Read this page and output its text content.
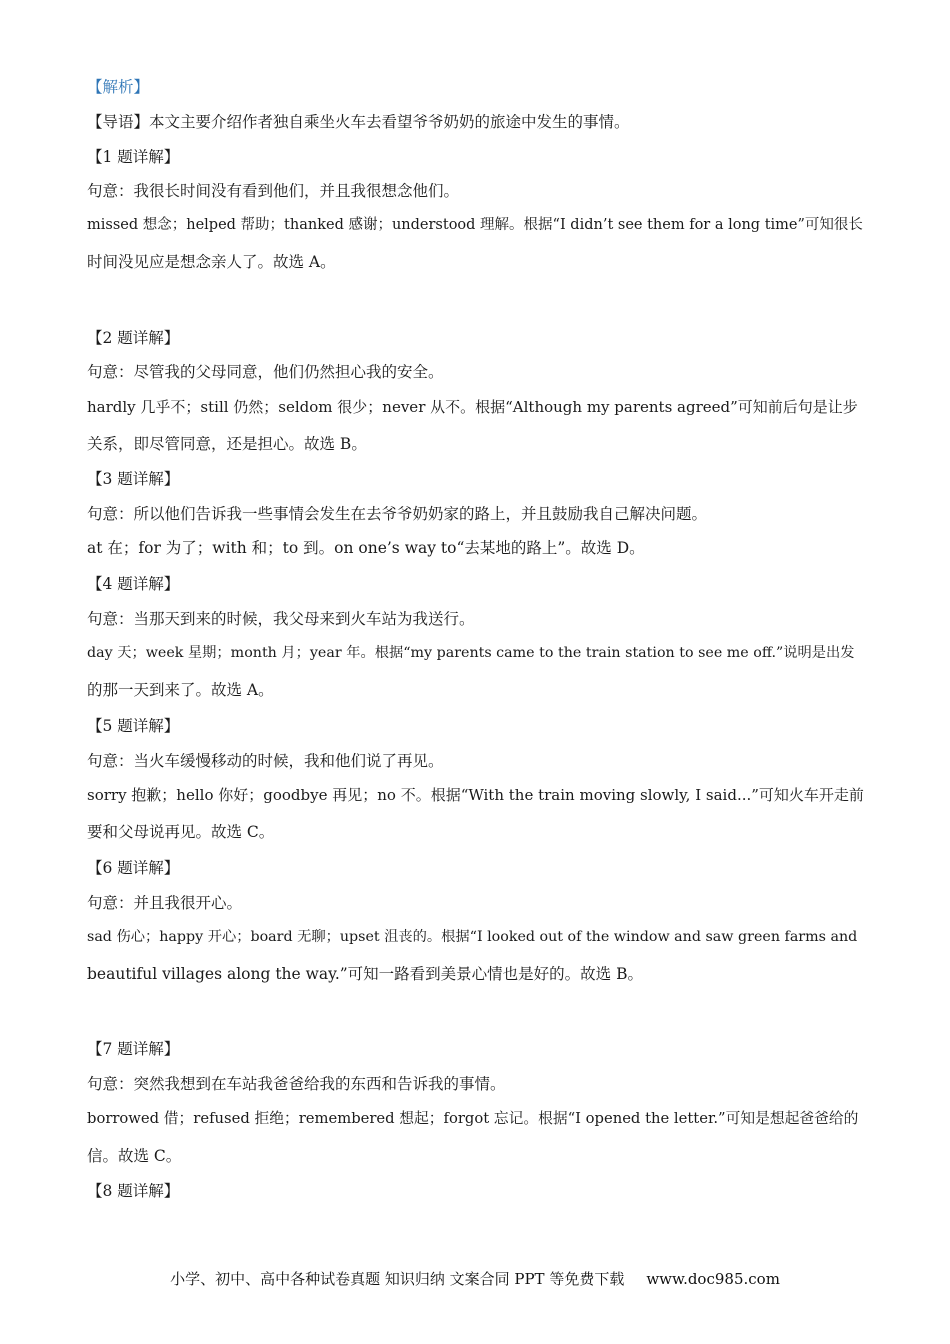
【解析】
【导语】本文主要介绍作者独自乘坐火车去看望爷爷奶奶的旅途中发生的事情。
【1 题详解】
句意：我很长时间没有看到他们，并且我很想念他们。
missed 想念；helped 帮助；thanked 感谢；understood 理解。根据“I didn’t see them for a long time”可知很长
时间没见应是想念亲人了。故选 A。
【2 题详解】
句意：尽管我的父母同意，他们仍然担心我的安全。
hardly 几乎不；still 仍然；seldom 很少；never 从不。根据“Although my parents agreed”可知前后句是让步
关系，即尽管同意，还是担心。故选 B。
【3 题详解】
句意：所以他们告诉我一些事情会发生在去爷爷奶奶家的路上，并且鼓励我自己解决问题。
at 在；for 为了；with 和；to 到。on one’s way to“去某地的路上”。故选 D。
【4 题详解】
句意：当那天到来的时候，我父母来到火车站为我送行。
day 天；week 星期；month 月；year 年。根据“my parents came to the train station to see me off.”说明是出发
的那一天到来了。故选 A。
【5 题详解】
句意：当火车缓慢移动的时候，我和他们说了再见。
sorry 抱歉；hello 你好；goodbye 再见；no 不。根据“With the train moving slowly, I said...”可知火车开走前
要和父母说再见。故选 C。
【6 题详解】
句意：并且我很开心。
sad 伤心；happy 开心；board 无聊；upset 沮丧的。根据“I looked out of the window and saw green farms and
beautiful villages along the way.”可知一路看到美景心情也是好的。故选 B。
【7 题详解】
句意：突然我想到在车站我爸爸给我的东西和告诉我的事情。
borrowed 借；refused 拒绝；remembered 想起；forgot 忘记。根据“I opened the letter.”可知是想起爸爸给的
信。故选 C。
【8 题详解】
小学、初中、高中各种试卷真题 知识归纳 文案合同 PPT 等免费下载 www.doc985.com
